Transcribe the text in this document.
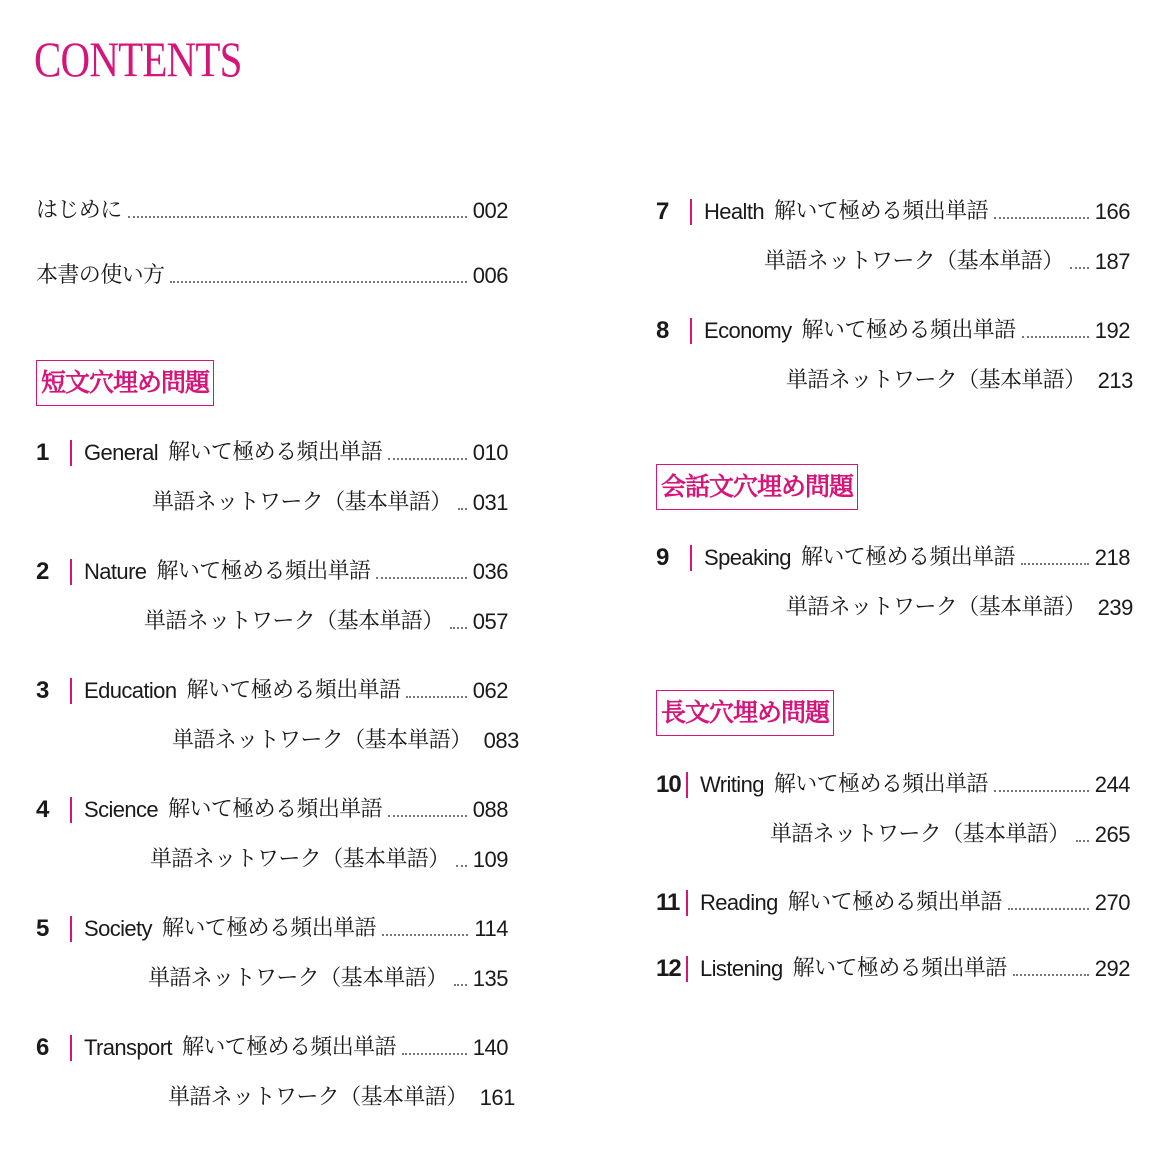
CONTENTS
はじめに	002
本書の使い方	006
短文穴埋め問題
1	General 解いて極める頻出単語	010
単語ネットワーク（基本単語） 031
2	Nature 解いて極める頻出単語	036
単語ネットワーク（基本単語） 057
3	Education 解いて極める頻出単語	062
単語ネットワーク（基本単語） 083
4	Science 解いて極める頻出単語	088
単語ネットワーク（基本単語） 109
5	Society 解いて極める頻出単語	114
単語ネットワーク（基本単語） 135
6	Transport 解いて極める頻出単語	140
単語ネットワーク（基本単語） 161
7	Health 解いて極める頻出単語	166
単語ネットワーク（基本単語） 187
8	Economy 解いて極める頻出単語	192
単語ネットワーク（基本単語） 213
会話文穴埋め問題
9	Speaking 解いて極める頻出単語	218
単語ネットワーク（基本単語） 239
長文穴埋め問題
10 Writing 解いて極める頻出単語	244
単語ネットワーク（基本単語） 265
11 Reading 解いて極める頻出単語	270
12 Listening 解いて極める頻出単語	292
